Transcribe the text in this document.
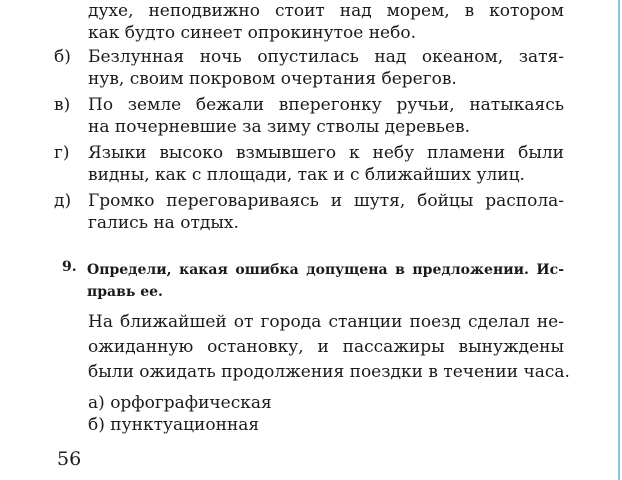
духе, неподвижно стоит над морем, в котором
как будто синеет опрокинутое небо.
б) Безлунная ночь опустилась над океаном, затя-
нув, своим покровом очертания берегов.
в) По земле бежали вперегонку ручьи, натыкаясь
на почерневшие за зиму стволы деревьев.
г) Языки высоко взмывшего к небу пламени были
видны, как с площади, так и с ближайших улиц.
д) Громко переговариваясь и шутя, бойцы распола-
гались на отдых.
9. Определи, какая ошибка допущена в предложении. Ис-
правь ее.
На ближайшей от города станции поезд сделал не-
ожиданную остановку, и пассажиры вынуждены
были ожидать продолжения поездки в течении часа.
а) орфографическая
б) пунктуационная
56
